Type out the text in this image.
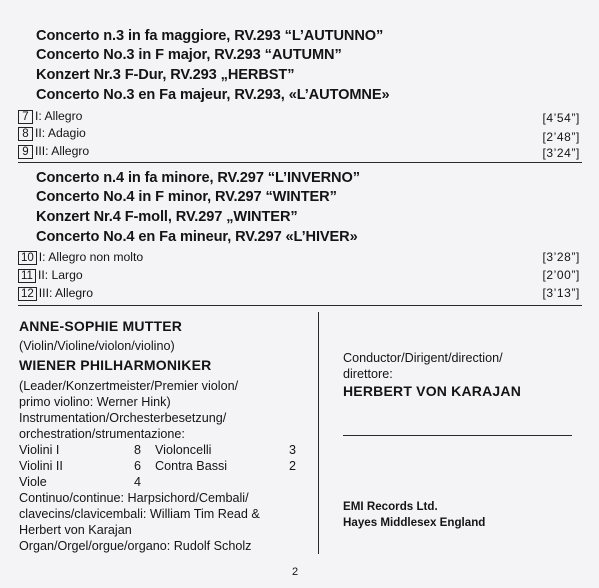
Concerto n.3 in fa maggiore, RV.293 “L’AUTUNNO”
Concerto No.3 in F major, RV.293 “AUTUMN”
Konzert Nr.3 F-Dur, RV.293 „HERBST”
Concerto No.3 en Fa majeur, RV.293, «L’AUTOMNE»
7 I: Allegro	[4’54”]
8 II: Adagio	[2’48”]
9 III: Allegro	[3’24”]
Concerto n.4 in fa minore, RV.297 “L’INVERNO”
Concerto No.4 in F minor, RV.297 “WINTER”
Konzert Nr.4 F-moll, RV.297 „WINTER”
Concerto No.4 en Fa mineur, RV.297 «L’HIVER»
10 I: Allegro non molto	[3’28”]
11 II: Largo	[2’00”]
12 III: Allegro	[3’13”]
ANNE-SOPHIE MUTTER
(Violin/Violine/violon/violino)
WIENER PHILHARMONIKER
(Leader/Konzertmeister/Premier violon/
primo violino: Werner Hink)
Instrumentation/Orchesterbesetzung/
orchestration/strumentazione:
Violini I	8 Violoncelli	3
Violini II	6 Contra Bassi	2
Viole	4
Continuo/continue: Harpsichord/Cembali/
clavecins/clavicembali: William Tim Read &
Herbert von Karajan
Organ/Orgel/orgue/organo: Rudolf Scholz
Conductor/Dirigent/direction/
direttore:
HERBERT VON KARAJAN
EMI Records Ltd.
Hayes Middlesex England
2
